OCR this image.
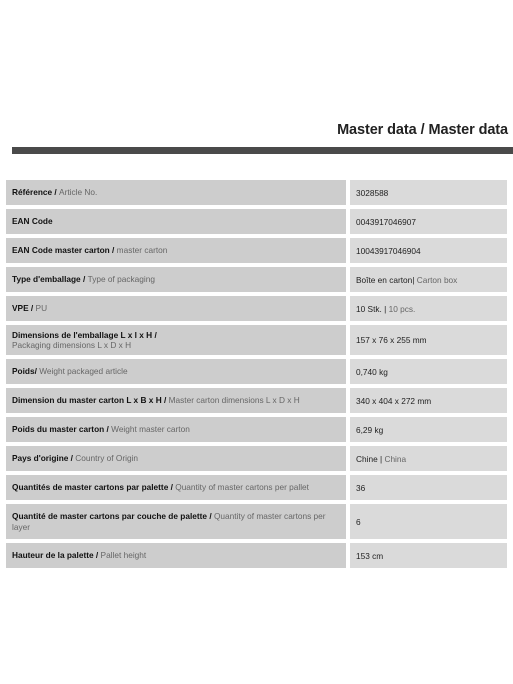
Master data / Master data
Référence / Article No.	3028588
EAN Code	0043917046907
EAN Code master carton / master carton	10043917046904
Type d'emballage / Type of packaging	Boîte en carton| Carton box
VPE / PU	10 Stk. | 10 pcs.
Dimensions de l'emballage L x l x H /
Packaging dimensions L x D x H	157 x 76 x 255 mm
Poids/ Weight packaged article	0,740 kg
Dimension du master carton L x B x H / Master carton dimensions L x D x H	340 x 404 x 272 mm
Poids du master carton / Weight master carton	6,29 kg
Pays d'origine / Country of Origin	Chine | China
Quantités de master cartons par palette / Quantity of master cartons per pallet	36
Quantité de master cartons par couche de palette / Quantity of master cartons per layer	6
Hauteur de la palette / Pallet height	153 cm
